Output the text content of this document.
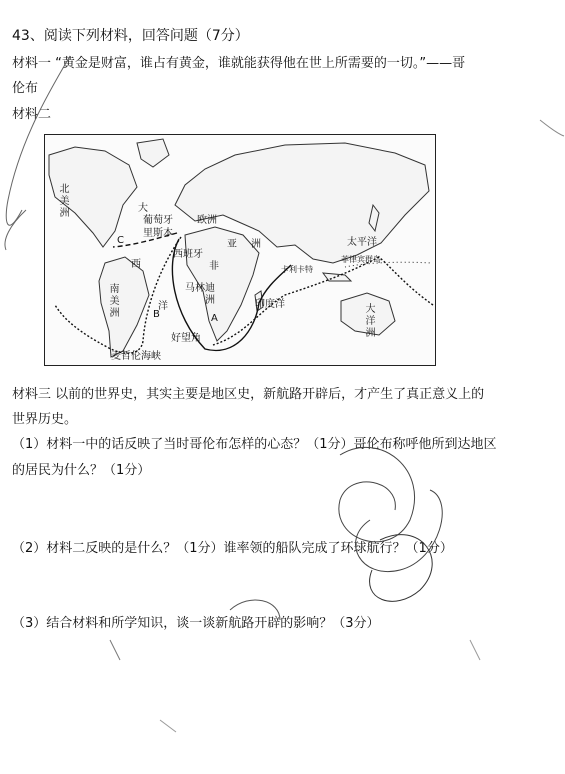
43、阅读下列材料，回答问题（7分）
材料一 “黄金是财富，谁占有黄金，谁就能获得他在世上所需要的一切。”——哥
伦布
材料二
北美洲	大
葡萄牙
里斯本
欧洲
C
西
西班牙
亚洲	太平洋
菲律宾群岛
非	卡利卡特
南美洲	马林迪
洲	印度洋
洋
B	A	大洋洲
好望角
麦哲伦海峡
材料三 以前的世界史，其实主要是地区史，新航路开辟后，才产生了真正意义上的
世界历史。
（1）材料一中的话反映了当时哥伦布怎样的心态？（1分）哥伦布称呼他所到达地区
的居民为什么？（1分）
（2）材料二反映的是什么？（1分）谁率领的船队完成了环球航行？（1分）
（3）结合材料和所学知识，谈一谈新航路开辟的影响？（3分）
